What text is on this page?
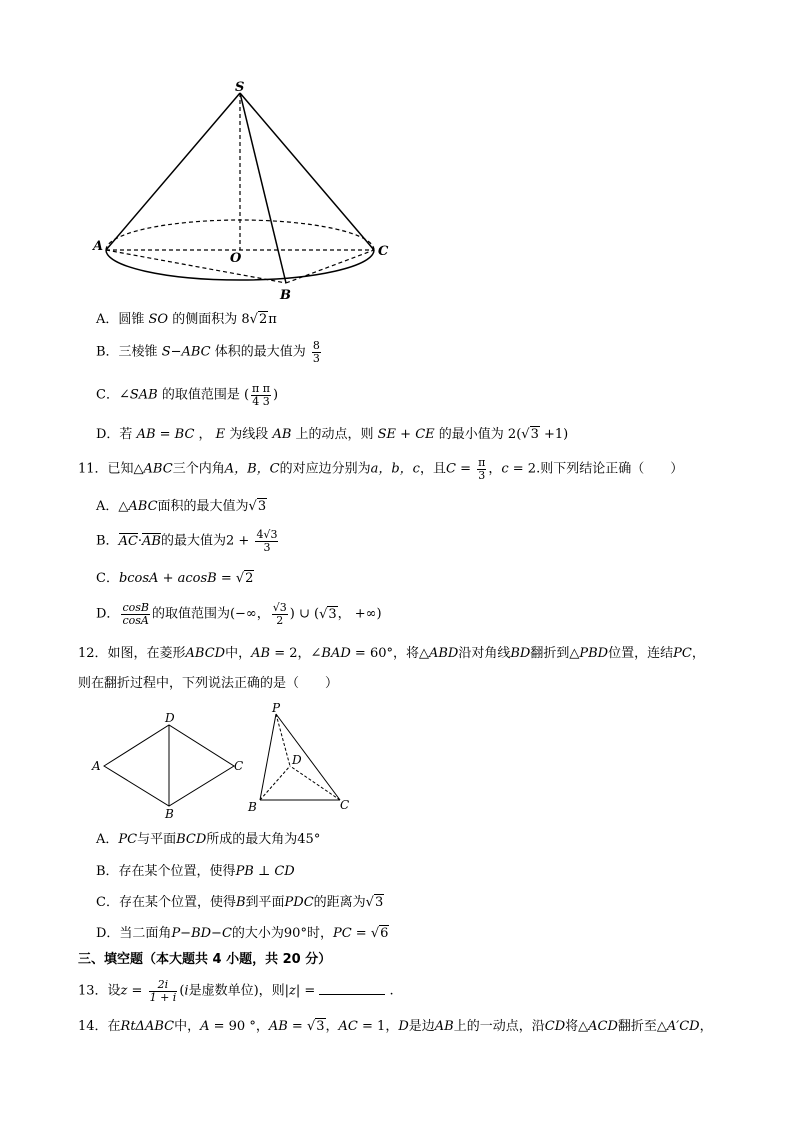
S
A
O
B
C
A．圆锥 SO 的侧面积为 8√2π
B．三棱锥 S−ABC 体积的最大值为 $\frac{8}{3}$
C．∠SAB 的取值范围是 ( $\frac{\text{π π}}{4 3}$ )
D．若 AB = BC ， E 为线段 AB 上的动点，则 SE + CE 的最小值为 2(√3 +1)
11．已知△ABC三个内角A，B，C的对应边分别为a，b，c，且$C = \frac{\pi}{3}$ ，c = 2.则下列结论正确（　　）
A．△ABC面积的最大值为√3
B．AC·AB的最大值为$2 + \frac{4√3}{3}$
C．bcosA + acosB = √2
D． $\frac{\cos B}{\cos A}$ 的取值范围为(−∞， $\frac{√3}{2}$ ) ∪ (√3， +∞)
12．如图，在菱形ABCD中，AB = 2，∠BAD = 60°，将△ABD沿对角线BD翻折到△PBD位置，连结PC，
则在翻折过程中，下列说法正确的是（　　）
A
D
C
B
P
D
B	C
A．PC与平面BCD所成的最大角为45°
B．存在某个位置，使得PB ⊥ CD
C．存在某个位置，使得B到平面PDC的距离为√3
D．当二面角P−BD−C的大小为90°时，PC = √6
三、填空题（本大题共 4 小题，共 20 分）
13．设$z = \frac{2i}{1 + i} (i$是虚数单位)，则|z| =	.
14．在RtΔABC中，A = 90 °，AB = √3，AC = 1，D是边AB上的一动点，沿CD将△ACD翻折至△A′CD，
